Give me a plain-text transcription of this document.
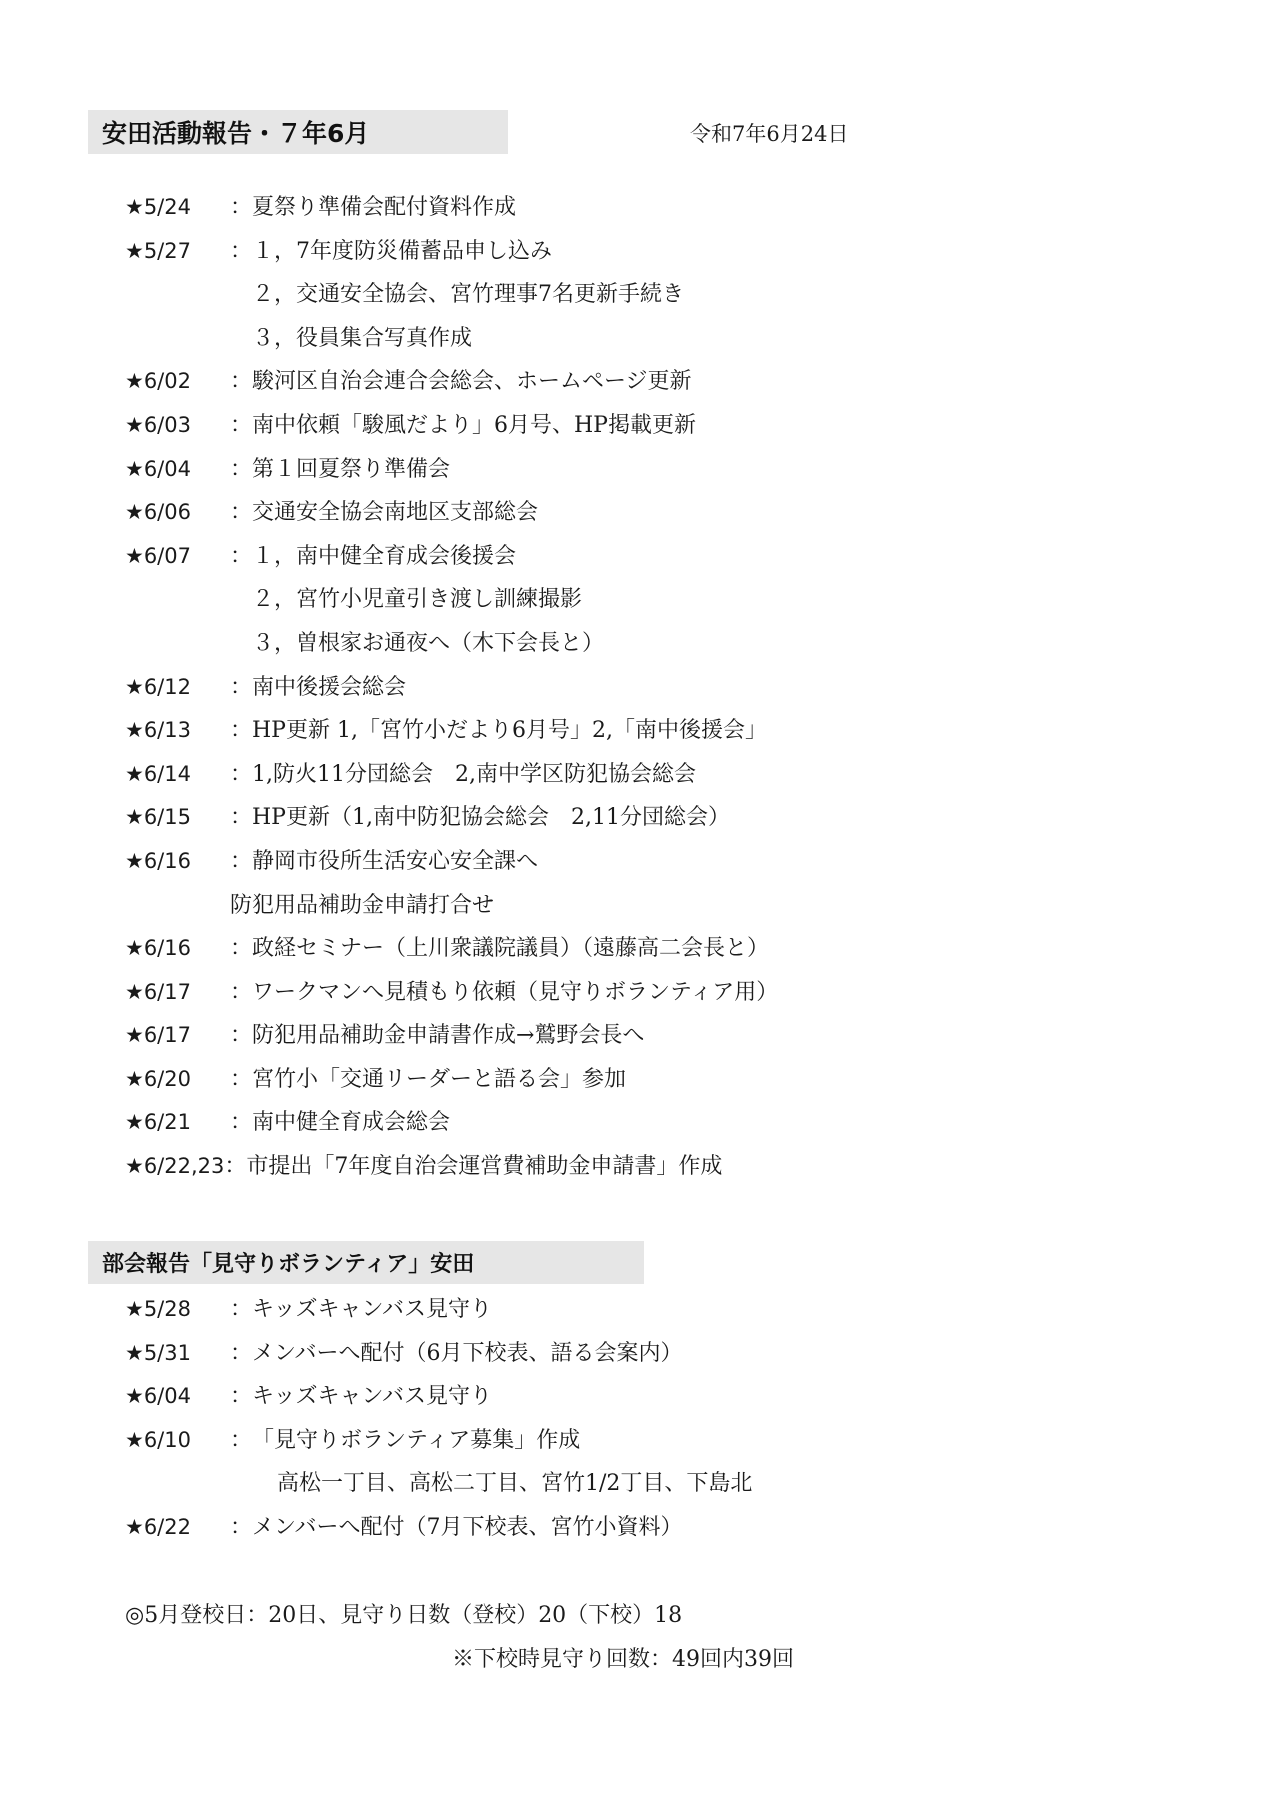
安田活動報告・７年6月	令和7年6月24日
★5/24	： 夏祭り準備会配付資料作成
★5/27	： １，7年度防災備蓄品申し込み
２，交通安全協会、宮竹理事7名更新手続き
３，役員集合写真作成
★6/02	： 駿河区自治会連合会総会、ホームページ更新
★6/03	： 南中依頼「駿風だより」6月号、HP掲載更新
★6/04	： 第１回夏祭り準備会
★6/06	： 交通安全協会南地区支部総会
★6/07	： １，南中健全育成会後援会
２，宮竹小児童引き渡し訓練撮影
３，曽根家お通夜へ（木下会長と）
★6/12	： 南中後援会総会
★6/13	： HP更新 1,「宮竹小だより6月号」2,「南中後援会」
★6/14	： 1,防火11分団総会　2,南中学区防犯協会総会
★6/15	： HP更新（1,南中防犯協会総会　2,11分団総会）
★6/16	： 静岡市役所生活安心安全課へ
防犯用品補助金申請打合せ
★6/16	： 政経セミナー（上川衆議院議員）（遠藤高二会長と）
★6/17	： ワークマンへ見積もり依頼（見守りボランティア用）
★6/17	： 防犯用品補助金申請書作成→鷲野会長へ
★6/20	： 宮竹小「交通リーダーと語る会」参加
★6/21	： 南中健全育成会総会
★6/22,23 ： 市提出「7年度自治会運営費補助金申請書」作成
部会報告「見守りボランティア」安田
★5/28	： キッズキャンバス見守り
★5/31	： メンバーへ配付（6月下校表、語る会案内）
★6/04	： キッズキャンバス見守り
★6/10	： 「見守りボランティア募集」作成
高松一丁目、高松二丁目、宮竹1/2丁目、下島北
★6/22	： メンバーへ配付（7月下校表、宮竹小資料）
◎5月登校日：20日、見守り日数（登校）20（下校）18
※下校時見守り回数：49回内39回
